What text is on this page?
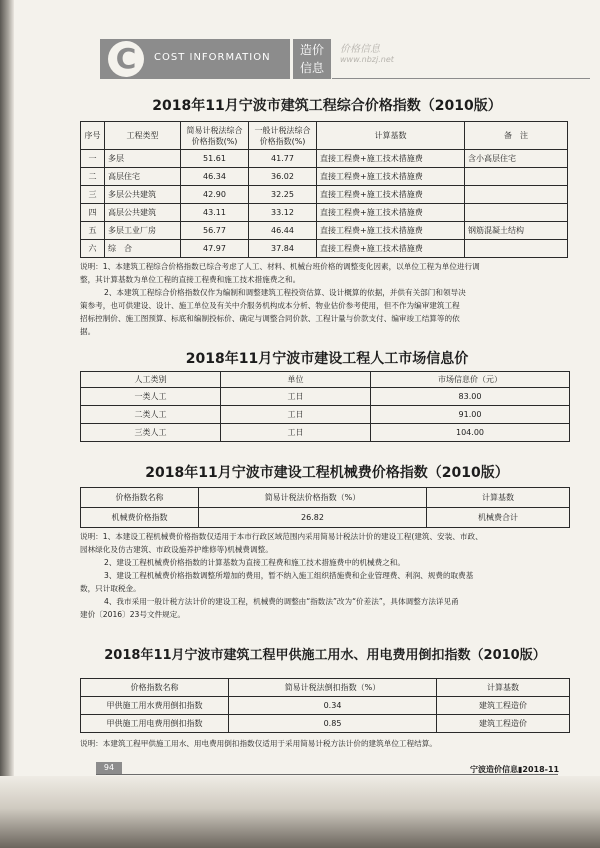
C	COST INFORMATION
造价
信息
价格信息
www.nbzj.net
2018年11月宁波市建筑工程综合价格指数（2010版）
序号	工程类型	简易计税法综合价格指数(%)	一般计税法综合价格指数(%)	计算基数	备　注
一	多层	51.61	41.77	直接工程费+施工技术措施费	含小高层住宅
二	高层住宅	46.34	36.02	直接工程费+施工技术措施费	
三	多层公共建筑	42.90	32.25	直接工程费+施工技术措施费	
四	高层公共建筑	43.11	33.12	直接工程费+施工技术措施费	
五	多层工业厂房	56.77	46.44	直接工程费+施工技术措施费	钢筋混凝土结构
六	综　合	47.97	37.84	直接工程费+施工技术措施费	
说明：1、本建筑工程综合价格指数已综合考虑了人工、材料、机械台班价格的调整变化因素，以单位工程为单位进行调
整，其计算基数为单位工程的直接工程费和施工技术措施费之和。
2、本建筑工程综合价格指数仅作为编制和调整建筑工程投资估算、设计概算的依据，并供有关部门和领导决
策参考，也可供建设、设计、施工单位及有关中介服务机构成本分析、物业估价参考使用，但不作为编审建筑工程
招标控制价、施工图预算、标底和编制投标价、确定与调整合同价款、工程计量与价款支付、编审竣工结算等的依
据。
2018年11月宁波市建设工程人工市场信息价
人工类别	单位	市场信息价（元）
一类人工	工日	83.00
二类人工	工日	91.00
三类人工	工日	104.00
2018年11月宁波市建设工程机械费价格指数（2010版）
价格指数名称	简易计税法价格指数（%）	计算基数
机械费价格指数	26.82	机械费合计
说明：1、本建设工程机械费价格指数仅适用于本市行政区域范围内采用简易计税法计价的建设工程(建筑、安装、市政、
园林绿化及仿古建筑、市政设施养护维修等)机械费调整。
2、建设工程机械费价格指数的计算基数为直接工程费和施工技术措施费中的机械费之和。
3、建设工程机械费价格指数调整所增加的费用，暂不纳入施工组织措施费和企业管理费、利润、规费的取费基
数，只计取税金。
4、我市采用一般计税方法计价的建设工程，机械费的调整由“指数法”改为“价差法”，具体调整方法详见甬
建价〔2016〕23号文件规定。
2018年11月宁波市建筑工程甲供施工用水、用电费用倒扣指数（2010版）
价格指数名称	简易计税法倒扣指数（%）	计算基数
甲供施工用水费用倒扣指数	0.34	建筑工程造价
甲供施工用电费用倒扣指数	0.85	建筑工程造价
说明：本建筑工程甲供施工用水、用电费用倒扣指数仅适用于采用简易计税方法计价的建筑单位工程结算。
94	宁波造价信息▮2018-11
